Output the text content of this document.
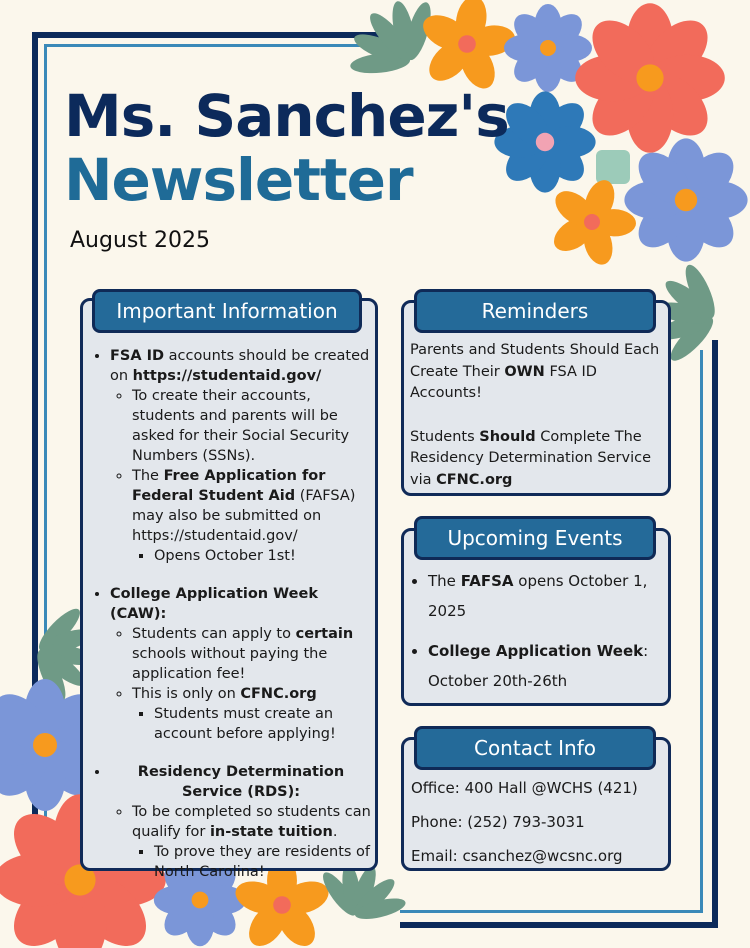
Ms. Sanchez's
Newsletter
August 2025
Important Information
• FSA ID accounts should be created on https://studentaid.gov/
◦ To create their accounts, students and parents will be asked for their Social Security Numbers (SSNs).
◦ The Free Application for Federal Student Aid (FAFSA) may also be submitted on https://studentaid.gov/
▪ Opens October 1st!
• College Application Week (CAW):
◦ Students can apply to certain schools without paying the application fee!
◦ This is only on CFNC.org
▪ Students must create an account before applying!
• Residency Determination Service (RDS):
◦ To be completed so students can qualify for in-state tuition.
▪ To prove they are residents of North Carolina!
Reminders

Parents and Students Should Each Create Their OWN FSA ID Accounts!

Students Should Complete The Residency Determination Service via CFNC.org

Upcoming Events
• The FAFSA opens October 1, 2025
• College Application Week: October 20th-26th
Contact Info
Office: 400 Hall @WCHS (421)
Phone: (252) 793-3031
Email: csanchez@wcsnc.org
